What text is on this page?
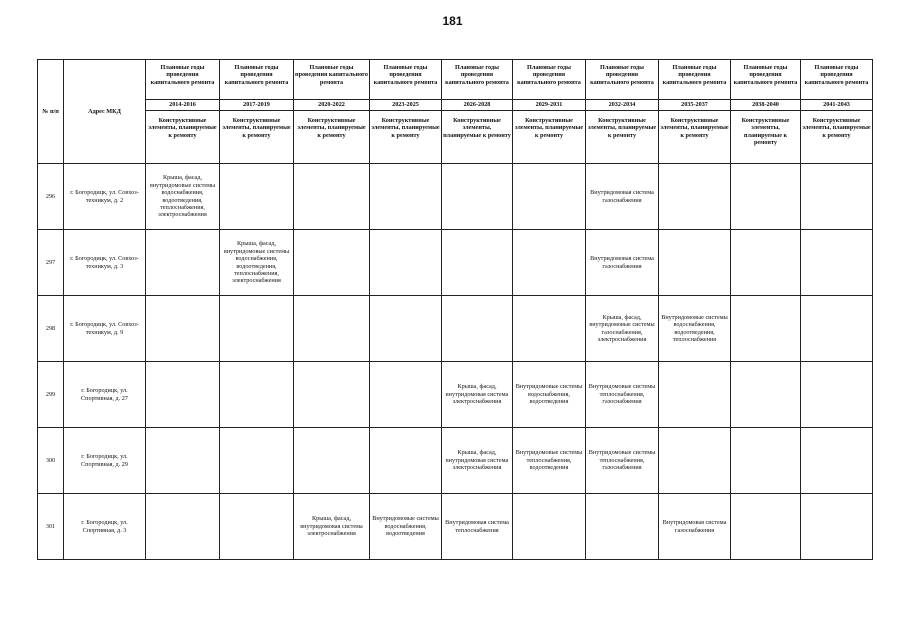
181
№ п/п	Адрес МКД	Плановые годы проведения капитального ремонта	Плановые годы проведения капитального ремонта	Плановые годы проведения капитального ремонта	Плановые годы проведения капитального ремонта	Плановые годы проведения капитального ремонта	Плановые годы проведения капитального ремонта	Плановые годы проведения капитального ремонта	Плановые годы проведения капитального ремонта	Плановые годы проведения капитального ремонта	Плановые годы проведения капитального ремонта
		2014-2016	2017-2019	2020-2022	2023-2025	2026-2028	2029-2031	2032-2034	2035-2037	2038-2040	2041-2043
		Конструктивные элементы, планируемые к ремонту	Конструктивные элементы, планируемые к ремонту	Конструктивные элементы, планируемые к ремонту	Конструктивные элементы, планируемые к ремонту	Конструктивные элементы, планируемые к ремонту	Конструктивные элементы, планируемые к ремонту	Конструктивные элементы, планируемые к ремонту	Конструктивные элементы, планируемые к ремонту	Конструктивные элементы, планируемые к ремонту	Конструктивные элементы, планируемые к ремонту
296	г. Богородицк, ул. Совхоз-техникум, д. 2	Крыша, фасад, внутридомовые системы водоснабжения, водоотведения, теплоснабжения, электроснабжения						Внутридомовая система газоснабжения			
297	г. Богородицк, ул. Совхоз-техникум, д. 3		Крыша, фасад, внутридомовые системы водоснабжения, водоотведения, теплоснабжения, электроснабжения					Внутридомовая система газоснабжения			
298	г. Богородицк, ул. Совхоз-техникум, д. 9							Крыша, фасад, внутридомовые системы газоснабжения, электроснабжения	Внутридомовые системы водоснабжения, водоотведения, теплоснабжения		
299	г. Богородицк, ул. Спортивная, д. 27					Крыша, фасад, внутридомовая система электроснабжения	Внутридомовые системы водоснабжения, водоотведения	Внутридомовые системы теплоснабжения, газоснабжения			
300	г. Богородицк, ул. Спортивная, д. 29					Крыша, фасад, внутридомовая система электроснабжения	Внутридомовые системы теплоснабжения, водоотведения	Внутридомовые системы теплоснабжения, газоснабжения			
301	г. Богородицк, ул. Спортивная, д. 3			Крыша, фасад, внутридомовая система электроснабжения	Внутридомовые системы водоснабжения, водоотведения	Внутридомовая система теплоснабжения			Внутридомовая система газоснабжения		
